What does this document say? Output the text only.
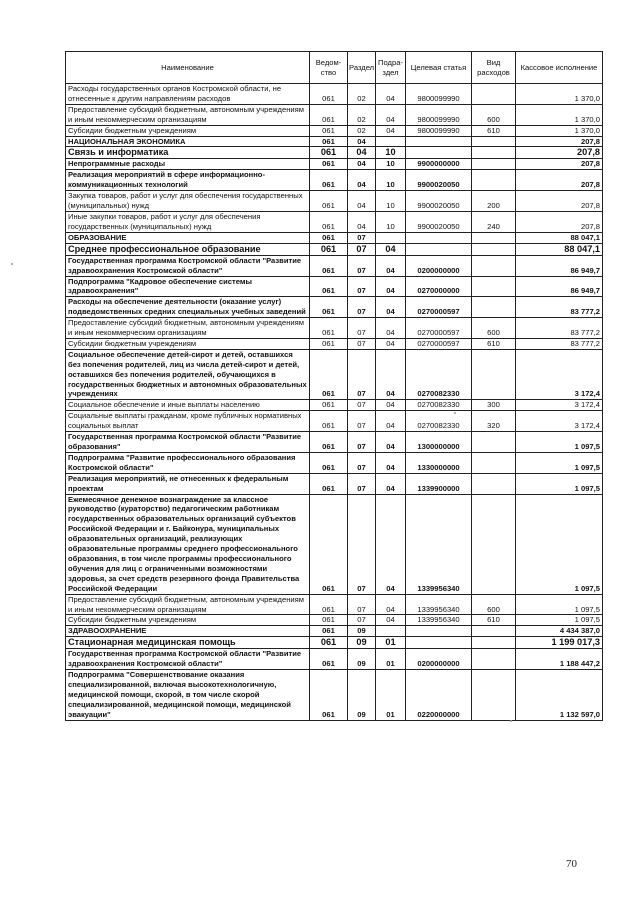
Наименование	Ведом-ство	Раздел	Подра-здел	Целевая статья	Вид расходов	Кассовое исполнение
Расходы государственных органов Костромской области, не отнесенные к другим направлениям расходов	061	02	04	9800099990		1 370,0
Предоставление субсидий бюджетным, автономным учреждениям и иным некоммерческим организациям	061	02	04	9800099990	600	1 370,0
Субсидии бюджетным учреждениям	061	02	04	9800099990	610	1 370,0
НАЦИОНАЛЬНАЯ ЭКОНОМИКА	061	04				207,8
Связь и информатика	061	04	10			207,8
Непрограммные расходы	061	04	10	9900000000		207,8
Реализация мероприятий в сфере информационно-коммуникационных технологий	061	04	10	9900020050		207,8
Закупка товаров, работ и услуг для обеспечения государственных (муниципальных) нужд	061	04	10	9900020050	200	207,8
Иные закупки товаров, работ и услуг для обеспечения государственных (муниципальных) нужд	061	04	10	9900020050	240	207,8
ОБРАЗОВАНИЕ	061	07				88 047,1
Среднее профессиональное образование	061	07	04			88 047,1
Государственная программа Костромской области "Развитие здравоохранения Костромской области"	061	07	04	0200000000		86 949,7
Подпрограмма "Кадровое обеспечение системы здравоохранения"	061	07	04	0270000000		86 949,7
Расходы на обеспечение деятельности (оказание услуг) подведомственных средних специальных учебных заведений	061	07	04	0270000597		83 777,2
Предоставление субсидий бюджетным, автономным учреждениям и иным некоммерческим организациям	061	07	04	0270000597	600	83 777,2
Субсидии бюджетным учреждениям	061	07	04	0270000597	610	83 777,2
Социальное обеспечение детей-сирот и детей, оставшихся без попечения родителей, лиц из числа детей-сирот и детей, оставшихся без попечения родителей, обучающихся в государственных бюджетных и автономных образовательных учреждениях	061	07	04	0270082330		3 172,4
Социальное обеспечение и иные выплаты населению	061	07	04	0270082330	300	3 172,4
Социальные выплаты гражданам, кроме публичных нормативных социальных выплат	061	07	04	0270082330	320	3 172,4
Государственная программа Костромской области "Развитие образования"	061	07	04	1300000000		1 097,5
Подпрограмма "Развитие профессионального образования Костромской области"	061	07	04	1330000000		1 097,5
Реализация мероприятий, не отнесенных к федеральным проектам	061	07	04	1339900000		1 097,5
Ежемесячное денежное вознаграждение за классное руководство (кураторство) педагогическим работникам государственных образовательных организаций субъектов Российской Федерации и г. Байконура, муниципальных образовательных организаций, реализующих образовательные программы среднего профессионального образования, в том числе программы профессионального обучения для лиц с ограниченными возможностями здоровья, за счет средств резервного фонда Правительства Российской Федерации	061	07	04	1339956340		1 097,5
Предоставление субсидий бюджетным, автономным учреждениям и иным некоммерческим организациям	061	07	04	1339956340	600	1 097,5
Субсидии бюджетным учреждениям	061	07	04	1339956340	610	1 097,5
ЗДРАВООХРАНЕНИЕ	061	09				4 434 387,0
Стационарная медицинская помощь	061	09	01			1 199 017,3
Государственная программа Костромской области "Развитие здравоохранения Костромской области"	061	09	01	0200000000		1 188 447,2
Подпрограмма "Совершенствование оказания специализированной, включая высокотехнологичную, медицинской помощи, скорой, в том числе скорой специализированной, медицинской помощи, медицинской эвакуации"	061	09	01	0220000000		1 132 597,0
70
